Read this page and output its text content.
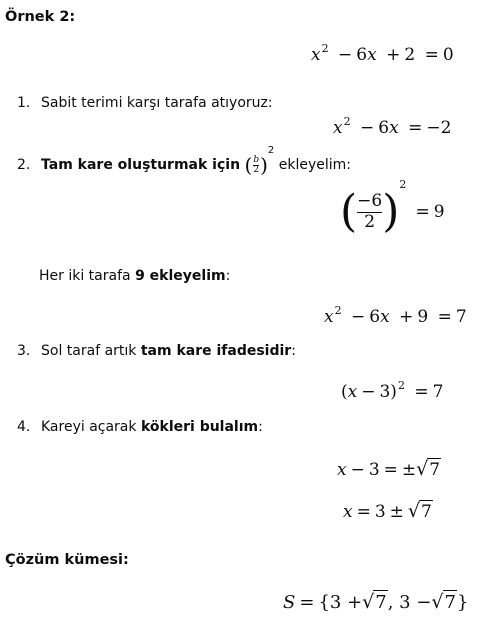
Örnek 2:
$x^2 - 6x + 2 = 0$
1. Sabit terimi karşı tarafa atıyoruz:
$x^2 - 6x = -2$
2. Tam kare oluşturmak için ( $\frac{b}{2} )^2$ ekleyelim:
( $\frac{-6}{2} )^2 = 9$
Her iki tarafa 9 ekleyelim:
$x^2 - 6x + 9 = 7$
3. Sol taraf artık tam kare ifadesidir:
$(x - 3)^2 = 7$
4. Kareyi açarak kökleri bulalım:
x − 3 = ±√7
x = 3 ± √7
Çözüm kümesi:
S = {3 +√7, 3 −√7}
